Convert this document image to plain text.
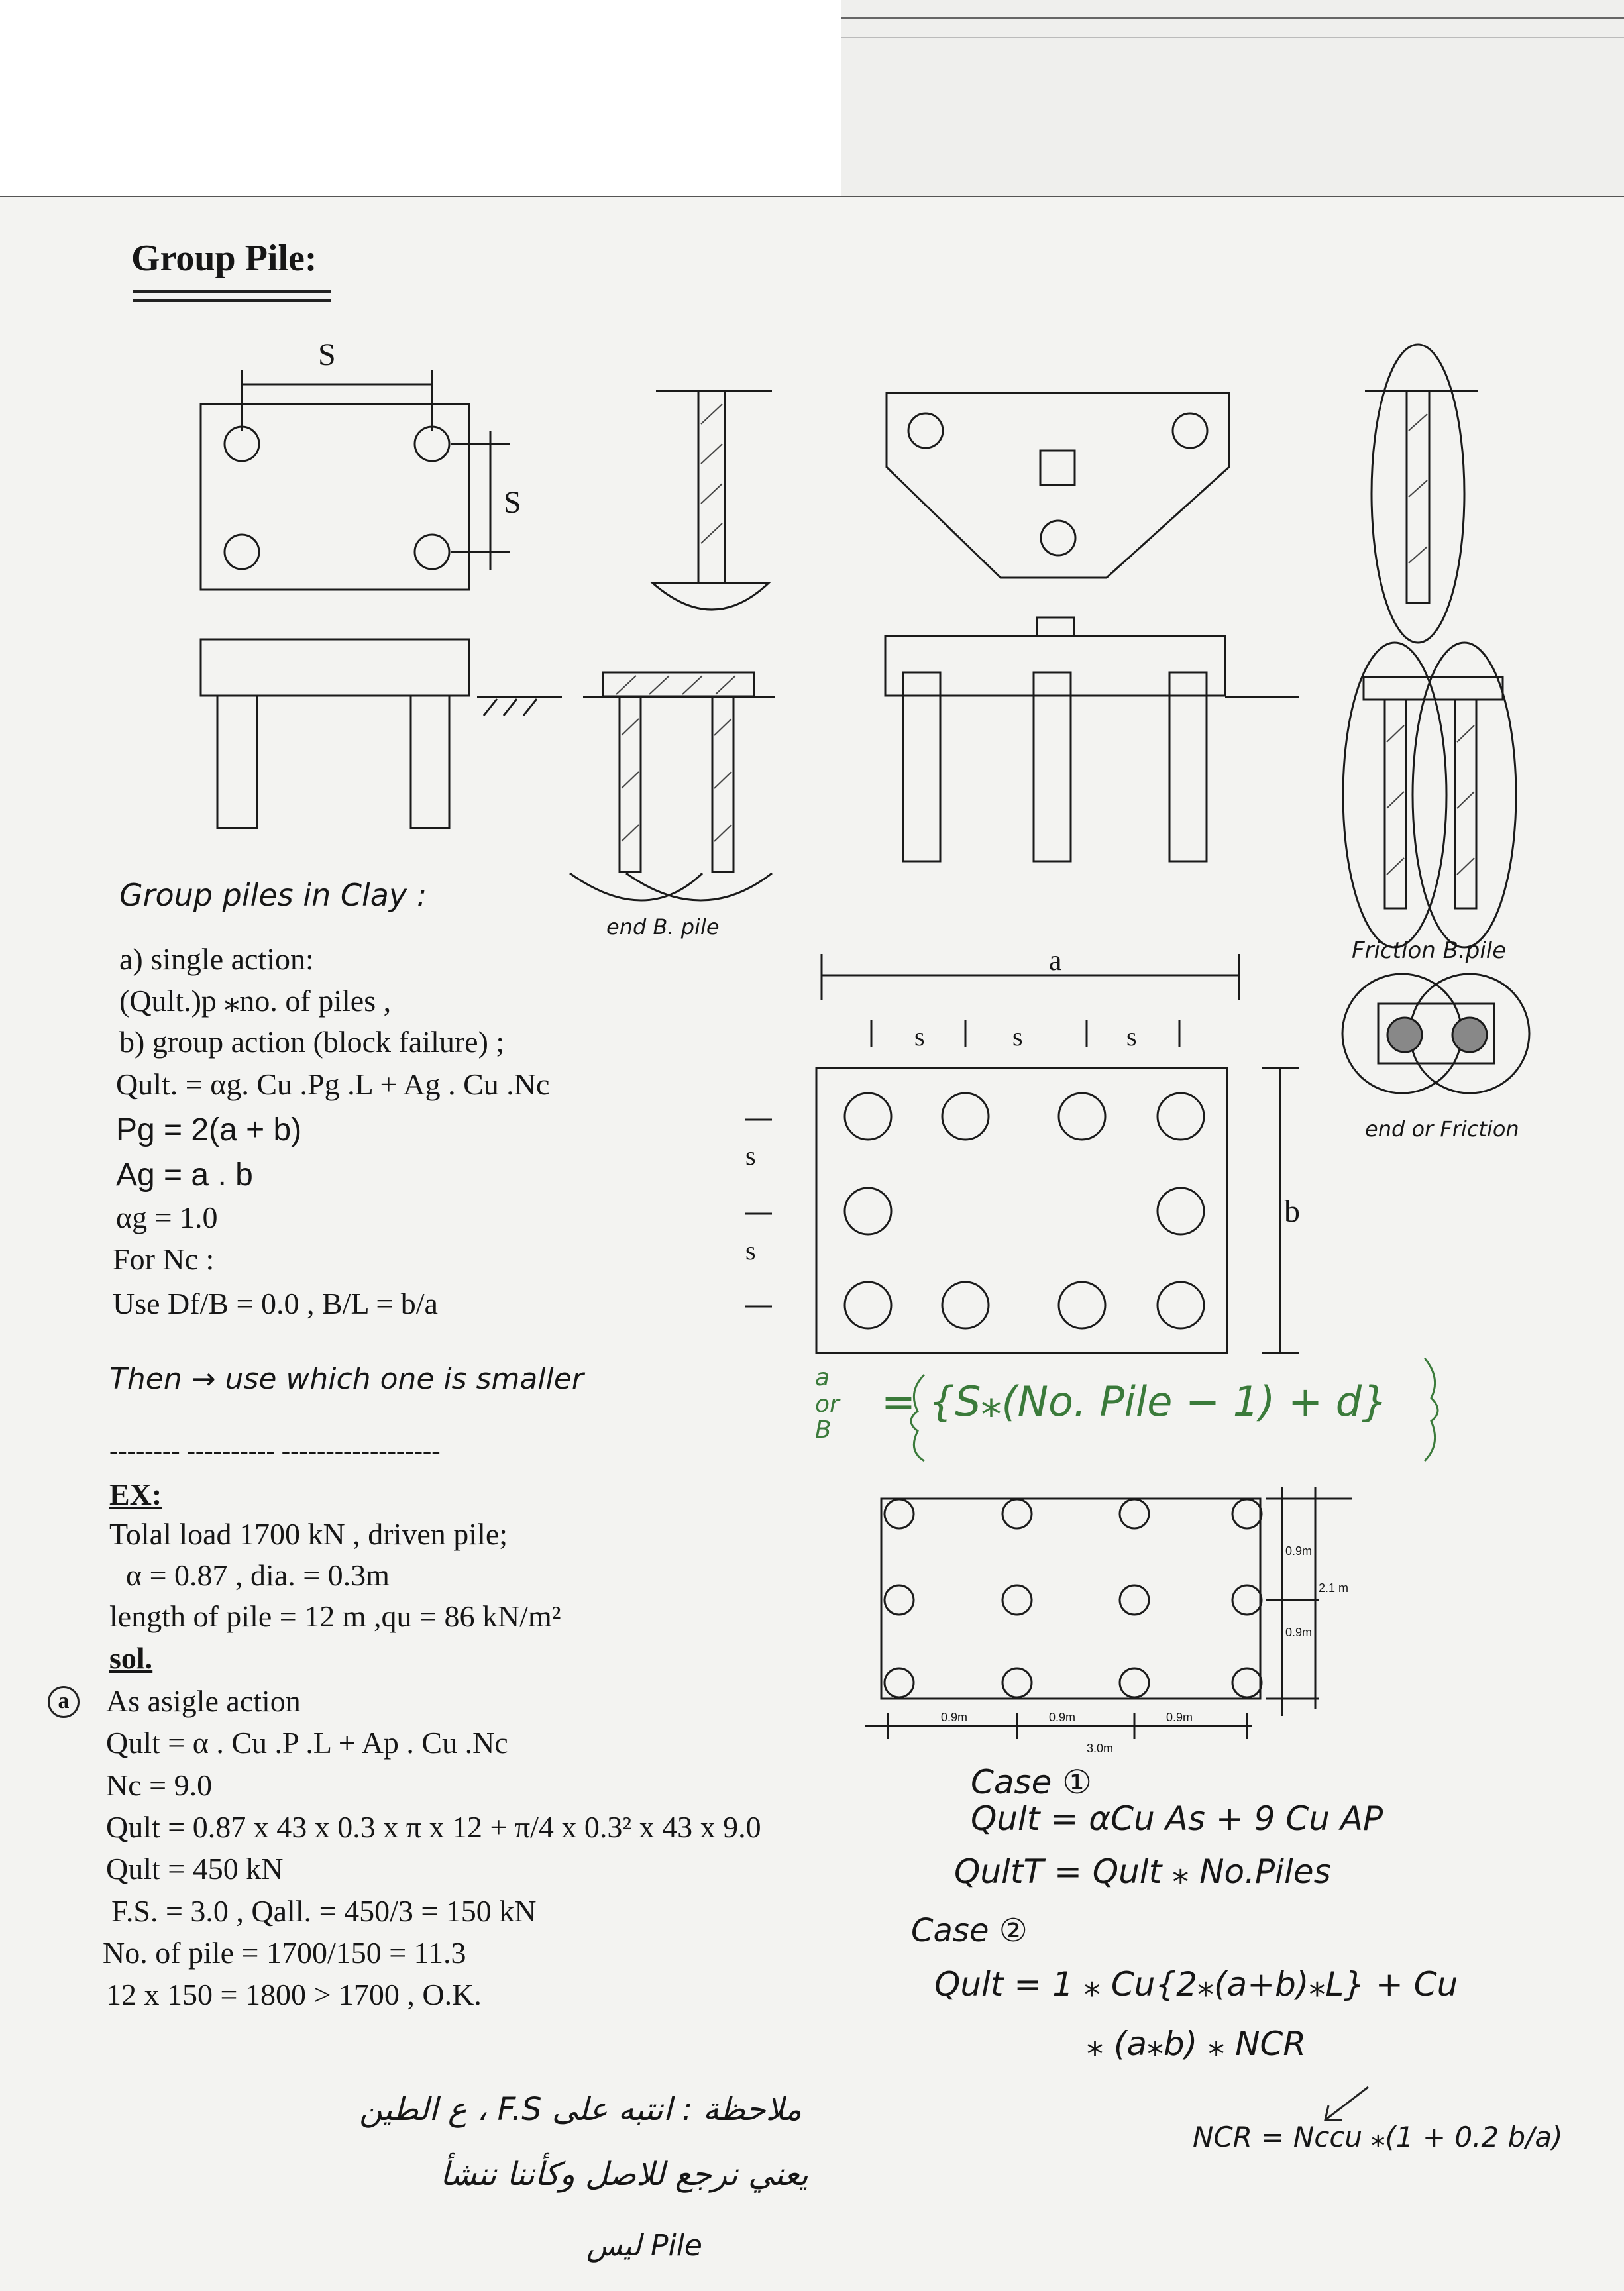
Group Pile:
S
S
end B. pile
Friction B.pile
end or Friction
a
b
s	s	s
s
s
0.9m
2.1 m
0.9m
0.9m	0.9m	0.9m
3.0m
Group piles in Clay :
a) single action:
(Qult.)p ⁎no. of piles ,
b) group action (block failure) ;
Qult. = αg. Cu .Pg .L + Ag . Cu .Nc
Pg = 2(a + b)
Ag = a . b
αg = 1.0
For Nc :
Use Df/B = 0.0 , B/L = b/a
Then → use which one is smaller
-------- ---------- ------------------
a or B
= {S⁎(No. Pile − 1) + d}
EX:
Tolal load 1700 kN , driven pile;
α = 0.87 , dia. = 0.3m
length of pile = 12 m ,qu = 86 kN/m²
sol.
a	As asigle action
Qult = α . Cu .P .L + Ap . Cu .Nc
Nc = 9.0
Qult = 0.87 x 43 x 0.3 x π x 12 + π/4 x 0.3² x 43 x 9.0
Qult = 450 kN
F.S. = 3.0 , Qall. = 450/3 = 150 kN
No. of pile = 1700/150 = 11.3
12 x 150 = 1800 > 1700 , O.K.
Case ①
Qult = αCu As + 9 Cu AP
QultT = Qult ⁎ No.Piles
Case ②
Qult = 1 ⁎ Cu{2⁎(a+b)⁎L} + Cu
⁎ (a⁎b) ⁎ NCR
NCR = Nccu ⁎(1 + 0.2 b/a)
ملاحظة : انتبه على F.S ، ع الطين
يعني نرجع للاصل وكأننا ننشأ
Pile ليس
